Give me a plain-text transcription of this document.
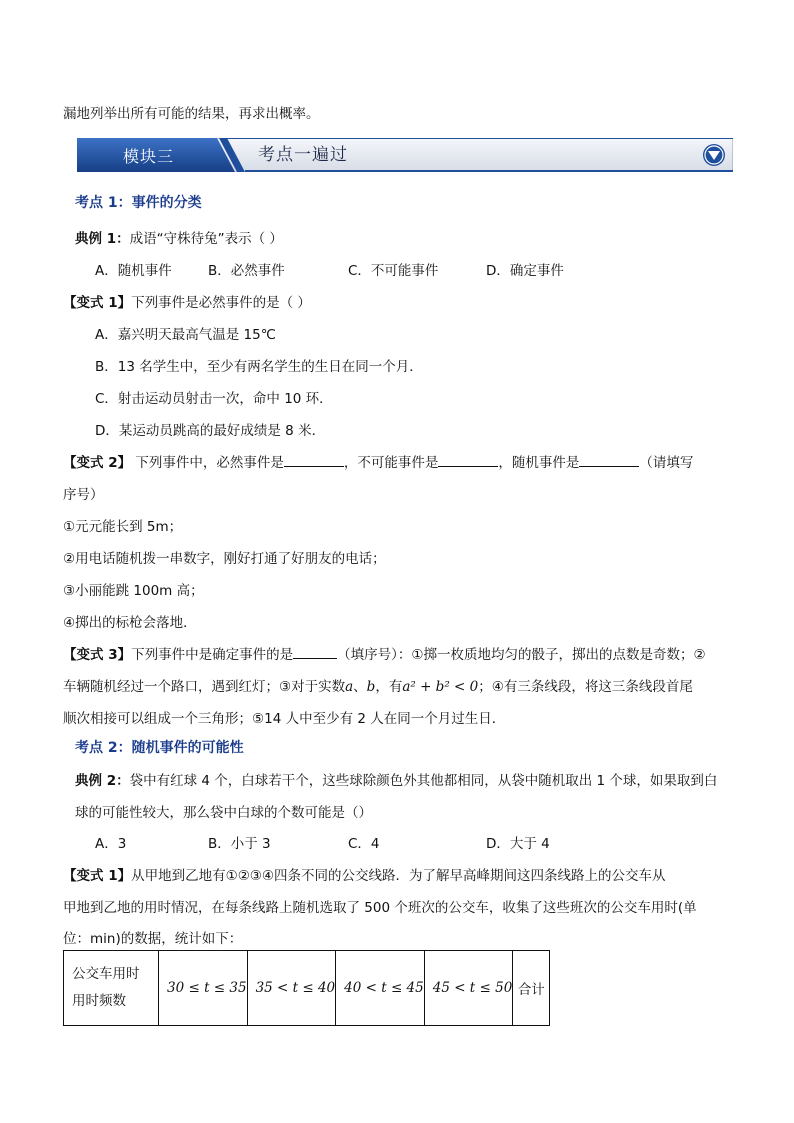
漏地列举出所有可能的结果，再求出概率。
模块三	考点一遍过
考点 1：事件的分类
典例 1：成语“守株待兔”表示（ ）
A．随机事件	B．必然事件	C．不可能事件	D．确定事件
【变式 1】下列事件是必然事件的是（ ）
A．嘉兴明天最高气温是 15℃
B．13 名学生中，至少有两名学生的生日在同一个月．
C．射击运动员射击一次，命中 10 环．
D．某运动员跳高的最好成绩是 8 米．
【变式 2】 下列事件中，必然事件是	，不可能事件是	，随机事件是	（请填写
序号）
①元元能长到 5m；
②用电话随机拨一串数字，刚好打通了好朋友的电话；
③小丽能跳 100m 高；
④掷出的标枪会落地．
【变式 3】下列事件中是确定事件的是	（填序号）：①掷一枚质地均匀的骰子，掷出的点数是奇数；②
车辆随机经过一个路口，遇到红灯；③对于实数a、b，有a² + b² < 0；④有三条线段，将这三条线段首尾
顺次相接可以组成一个三角形；⑤14 人中至少有 2 人在同一个月过生日．
考点 2：随机事件的可能性
典例 2：袋中有红球 4 个，白球若干个，这些球除颜色外其他都相同，从袋中随机取出 1 个球，如果取到白
球的可能性较大，那么袋中白球的个数可能是（）
A．3	B．小于 3	C．4	D．大于 4
【变式 1】从甲地到乙地有①②③④四条不同的公交线路．为了解早高峰期间这四条线路上的公交车从
甲地到乙地的用时情况，在每条线路上随机选取了 500 个班次的公交车，收集了这些班次的公交车用时(单
位：min)的数据，统计如下：
公交车用时
用时频数
	30 ≤ t ≤ 35	35 < t ≤ 40	40 < t ≤ 45	45 < t ≤ 50	合计
